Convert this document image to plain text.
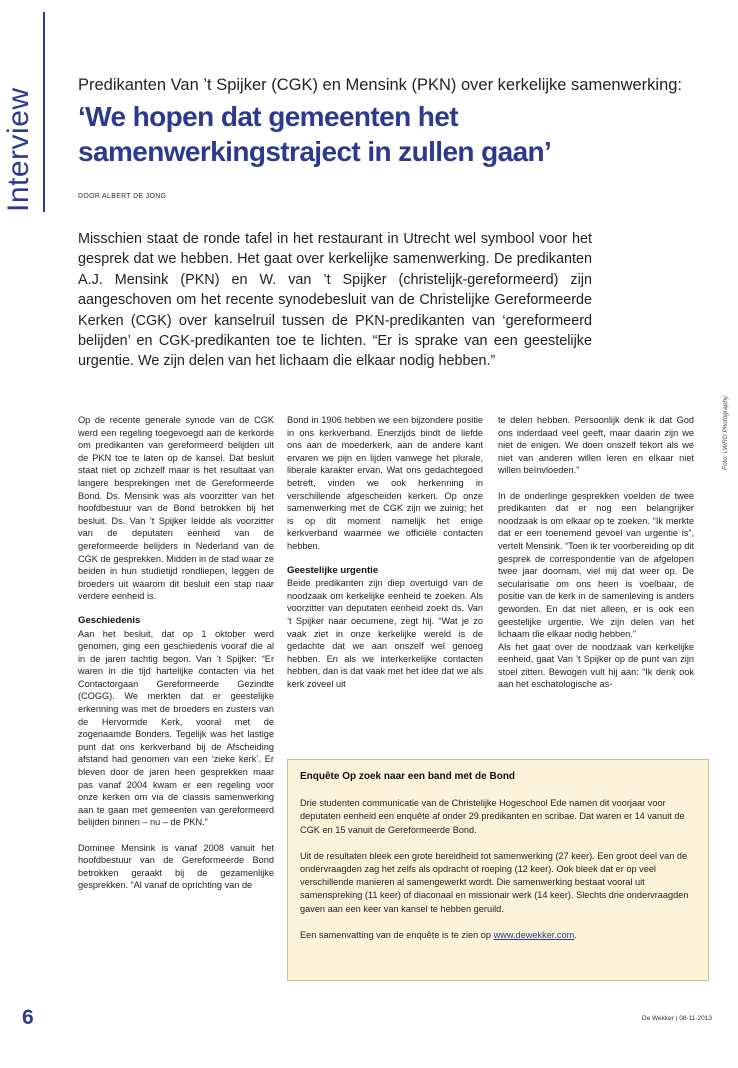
Interview
Predikanten Van ’t Spijker (CGK) en Mensink (PKN) over kerkelijke samenwerking:
‘We hopen dat gemeenten het
samenwerkingstraject in zullen gaan’
DOOR ALBERT DE JONG
Misschien staat de ronde tafel in het restaurant in Utrecht wel symbool voor het gesprek dat we hebben. Het gaat over kerkelijke samenwerking. De predikanten A.J. Mensink (PKN) en W. van ’t Spijker (christelijk-gereformeerd) zijn aangeschoven om het recente synodebesluit van de Christelijke Gereformeerde Kerken (CGK) over kanselruil tussen de PKN-predikanten van ‘gereformeerd belijden’ en CGK-predikanten toe te lichten. “Er is sprake van een geestelijke urgentie. We zijn delen van het lichaam die elkaar nodig hebben.”
Foto: LWRD Photography

Op de recente generale synode van de CGK werd een regeling toegevoegd aan de kerkorde om predikanten van gereformeerd belijden uit de PKN toe te laten op de kansel. Dat besluit staat niet op zichzelf maar is het resultaat van langere besprekingen met de Gereformeerde Bond. Ds. Mensink was als voorzitter van het hoofdbestuur van de Bond betrokken bij het besluit. Ds. Van ’t Spijker leidde als voorzitter van de deputaten eenheid van de gereformeerde belijders in Nederland van de CGK de gesprekken. Midden in de stad waar ze beiden in hun studietijd rondliepen, leggen de broeders uit waarom dit besluit een stap naar verdere eenheid is.

Geschiedenis

Aan het besluit, dat op 1 oktober werd genomen, ging een geschiedenis vooraf die al in de jaren tachtig begon. Van ’t Spijker: “Er waren in die tijd hartelijke contacten via het Contactorgaan Gereformeerde Gezindte (COGG). We merkten dat er geestelijke erkenning was met de broeders en zusters van de Hervormde Kerk, vooral met de zogenaamde Bonders. Tegelijk was het lastige punt dat ons kerkverband bij de Afscheiding afstand had genomen van een ‘zieke kerk’. Er bleven door de jaren heen gesprekken maar pas vanaf 2004 kwam er een regeling voor onze kerken om via de classis samenwerking aan te gaan met gemeenten van gereformeerd belijden binnen – nu – de PKN.”

Dominee Mensink is vanaf 2008 vanuit het hoofdbestuur van de Gereformeerde Bond betrokken geraakt bij de gezamenlijke gesprekken. “Al vanaf de oprichting van de

Bond in 1906 hebben we een bijzondere positie in ons kerkverband. Enerzijds bindt de liefde ons aan de moederkerk, aan de andere kant ervaren we pijn en lijden vanwege het plurale, liberale karakter ervan. Wat ons gedachtegoed betreft, vinden we ook herkenning in verschillende afgescheiden kerken. Op onze samenwerking met de CGK zijn we zuinig; het is op dit moment namelijk het enige kerkverband waarmee we officiële contacten hebben.

Geestelijke urgentie

Beide predikanten zijn diep overtuigd van de noodzaak om kerkelijke eenheid te zoeken. Als voorzitter van deputaten eenheid zoekt ds. Van ’t Spijker naar oecumene, zegt hij. “Wat je zo vaak ziet in onze kerkelijke wereld is de gedachte dat we aan onszelf wel genoeg hebben. En als we interkerkelijke contacten hebben, dan is dat vaak met het idee dat we als kerk zoveel uit

te delen hebben. Persoonlijk denk ik dat God ons inderdaad veel geeft, maar daarin zijn we niet de enigen. We doen onszelf tekort als we niet van anderen willen leren en elkaar niet willen beïnvloeden.”

In de onderlinge gesprekken voelden de twee predikanten dat er nog een belangrijker noodzaak is om elkaar op te zoeken. “Ik merkte dat er een toenemend gevoel van urgentie is”, vertelt Mensink. “Toen ik ter voorbereiding op dit gesprek de correspondentie van de afgelopen twee jaar doornam, viel mij dat weer op. De secularisatie om ons heen is voelbaar, de positie van de kerk in de samenleving is anders geworden. En dat niet alleen, er is ook een geestelijke urgentie. We zijn delen van het lichaam die elkaar nodig hebben.”

Als het gaat over de noodzaak van kerkelijke eenheid, gaat Van ’t Spijker op de punt van zijn stoel zitten. Bewogen vult hij aan: “Ik denk ook aan het eschatologische as-

Enquête Op zoek naar een band met de Bond

Drie studenten communicatie van de Christelijke Hogeschool Ede namen dit voorjaar voor deputaten eenheid een enquête af onder 29 predikanten en scribae. Dat waren er 14 vanuit de CGK en 15 vanuit de Gereformeerde Bond.

Uit de resultaten bleek een grote bereidheid tot samenwerking (27 keer). Een groot deel van de ondervraagden zag het zelfs als opdracht of roeping (12 keer). Ook bleek dat er op veel verschillende manieren al samengewerkt wordt. Die samenwerking bestaat vooral uit samenspreking (11 keer) of diaconaal en missionair werk (14 keer). Slechts drie ondervraagden gaven aan een keer van kansel te hebben geruild.

Een samenvatting van de enquête is te zien op www.dewekker.com.

6	De Wekker | 08-11-2013
